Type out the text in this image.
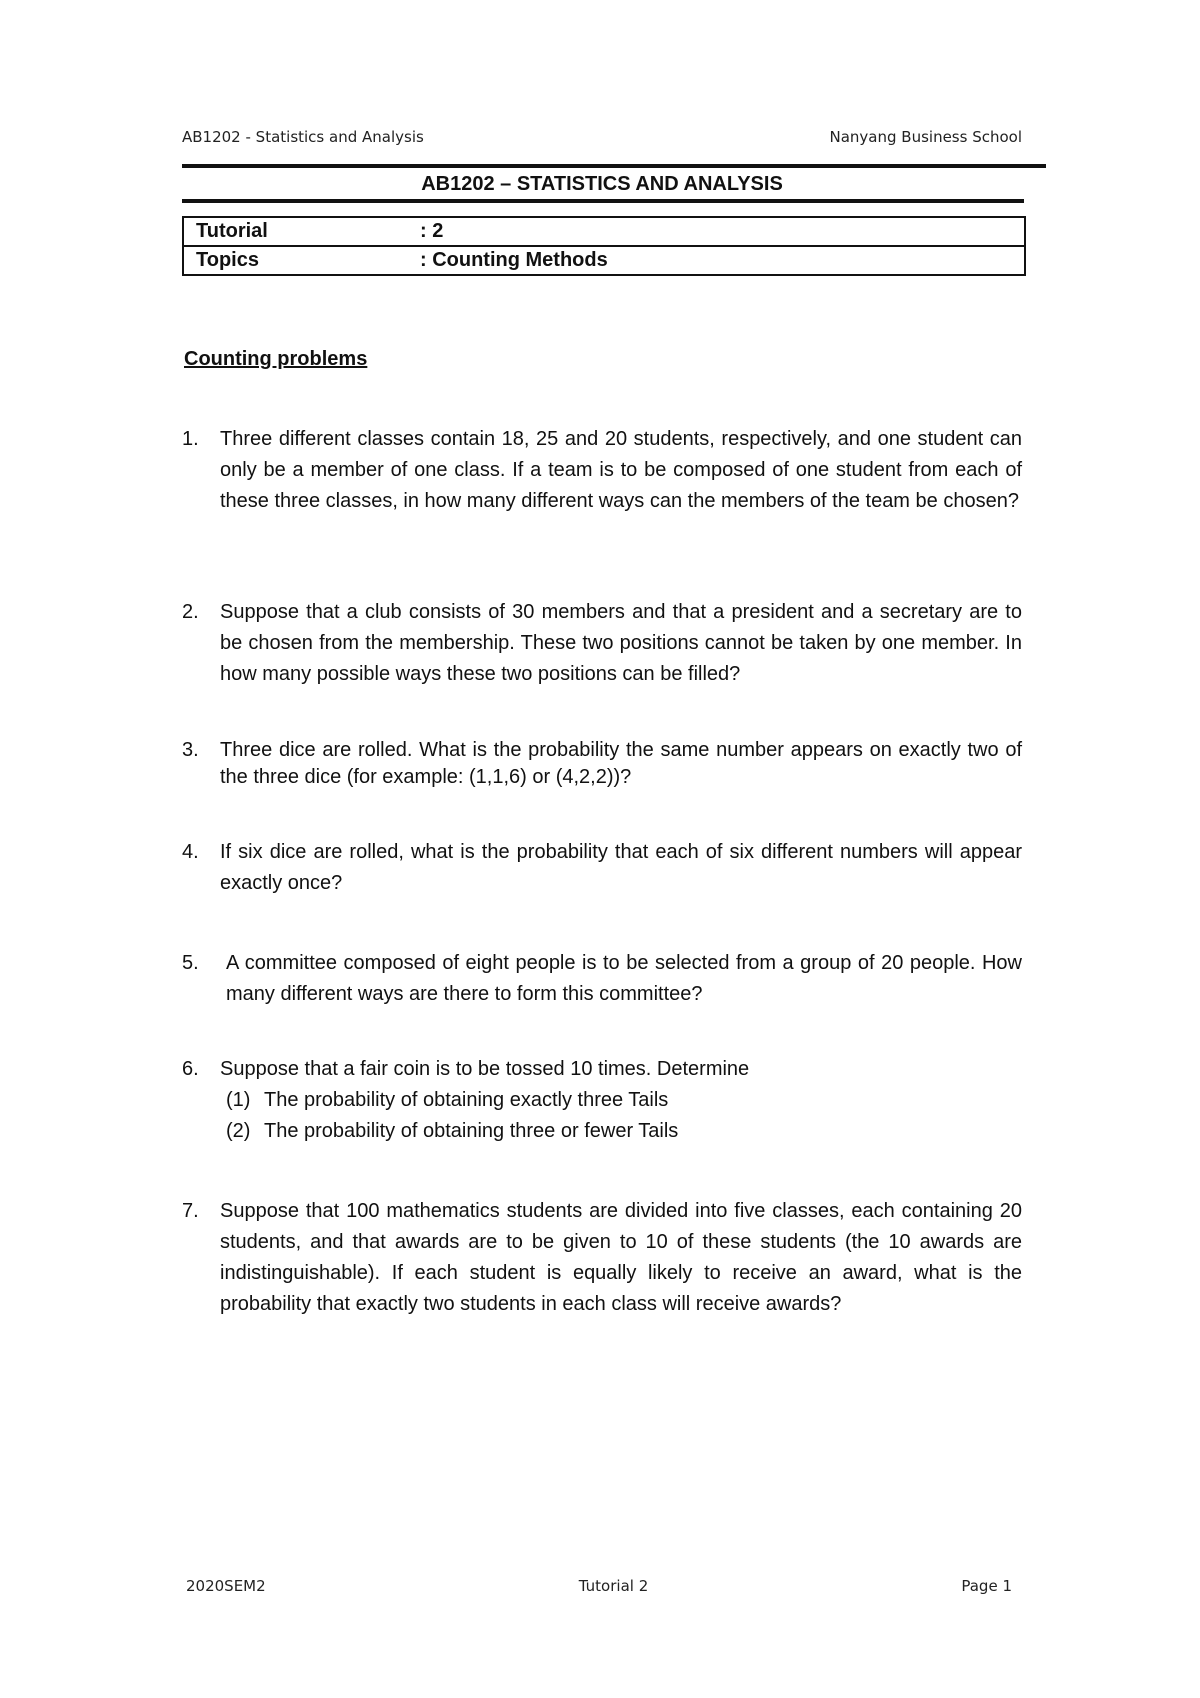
AB1202 - Statistics and Analysis	Nanyang Business School
AB1202 – STATISTICS AND ANALYSIS
Tutorial	: 2
Topics	: Counting Methods
Counting problems
1. Three different classes contain 18, 25 and 20 students, respectively, and one student can only be a member of one class. If a team is to be composed of one student from each of these three classes, in how many different ways can the members of the team be chosen?
2. Suppose that a club consists of 30 members and that a president and a secretary are to be chosen from the membership. These two positions cannot be taken by one member. In how many possible ways these two positions can be filled?
3. Three dice are rolled. What is the probability the same number appears on exactly two of the three dice (for example: (1,1,6) or (4,2,2))?
4. If six dice are rolled, what is the probability that each of six different numbers will appear exactly once?
5. A committee composed of eight people is to be selected from a group of 20 people. How many different ways are there to form this committee?
6. Suppose that a fair coin is to be tossed 10 times. Determine
(1) The probability of obtaining exactly three Tails
(2) The probability of obtaining three or fewer Tails
7. Suppose that 100 mathematics students are divided into five classes, each containing 20 students, and that awards are to be given to 10 of these students (the 10 awards are indistinguishable). If each student is equally likely to receive an award, what is the probability that exactly two students in each class will receive awards?
2020SEM2	Tutorial 2	Page 1
